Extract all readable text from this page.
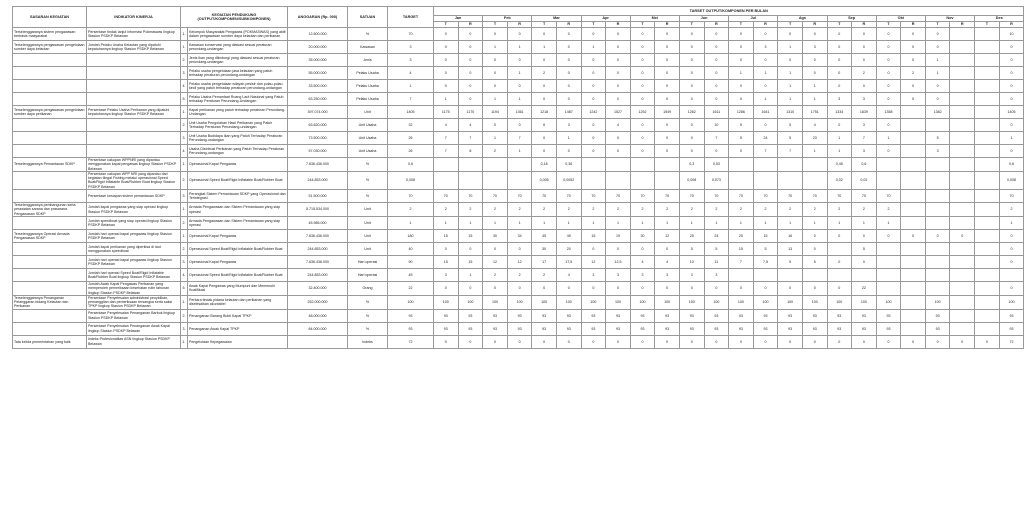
SASARAN KEGIATAN	INDIKATOR KINERJA	KEGIATAN PENDUKUNG (OUTPUT/KOMPONEN/SUBKOMPONEN)		ANGGARAN (Rp. 000)	SATUAN	TARGET	TARSET OUTPUT/KOMPONEN PER BULAN																							
							Jan		Feb		Mar		Apr		Mei		Jun		Jul		Ags		Sep		Okt		Nov		Des	
							T	R	T	R	T	R	T	R	T	R	T	R	T	R	T	R	T	R	T	R	T	R	T	R
Terselenggaranya sistem pengawasan berbasis masyarakat	Persentase tindak lanjut informasi Pokmaswas lingkup Stasiun PSDKP Belawan	1.	Kelompok Masyarakat Pengawas (POKMASWAS) yang aktif dalam pengawasan sumber daya kelautan dan perikanan	12.600.000	%	70	0	0	0	0	0	0	0	0	0	0	0	0	0	0	0	0	0	0	0	0	0			10
Terselenggaranya pengawasan pengelolaan sumber daya kelautan	Jumlah Pelaku Usaha Kelautan yang dipatuhi kepatuhannya lingkup Stasiun PSDKP Belawan	1.	Kawasan konservasi yang diawasi sesuai peraturan perundang-undangan	20.000.000	Kawasan	3	0	0	1	1	1	0	1	0	0	0	0	0	0	3	1	3	0	0	0	0	0			0
		2.	Jenis ikan yang dilindungi yang diawasi sesuai peraturan perundang-undangan	35.000.000	Jenis	3	0	0	0	0	0	0	0	0	0	0	0	0	0	0	0	0	0	0	0	0	1			0
		3.	Pelaku usaha pengelolaan jasa kelautan yang patuh terhadap peraturan perundang-undangan	55.000.000	Pelaku Usaha	4	0	0	0	1	2	0	0	0	0	0	0	0	1	1	1	0	0	2	0	2	1			0
		4.	Pelaku usaha pengelolaan wilayah pesisir dan pulau-pulau kecil yang patuh terhadap peraturan perundang-undangan	33.500.000	Pelaku Usaha	1	0	0	0	0	0	0	0	0	0	0	0	0	0	0	1	1	0	0	0	0	0			0
		5.	Pelaku Usaha Pemanfaat Ruang Laut Nasional yang Patuh terhadap Peraturan Perundang-Undangan	63.250.000	Pelaku Usaha	7	1	0	1	1	0	0	0	0	0	0	0	0	0	1	1	1	3	3	0	0	0			0
Terselenggaranya pengawasan pengelolaan sumber daya perikanan	Persentase Pelaku Usaha Perikanan yang dipatuhi kepatuhannya lingkup Stasiun PSDKP Belawan	1.	Kapal perikanan yang patuh terhadap peraturan Perundang-Undangan	397.074.000	Unit	1405	1175	1170	1194	1361	1218	1487	1242	1527	1252	1549	1262	1611	1286	1641	1310	1751	1334	1839	1358		1382			1405
		2.	Unit Usaha Pengolahan Hasil Perikanan yang Patuh Terhadap Peraturan Perundang-undangan	63.620.000	Unit Usaha	32	4	4	0	0	6	3	0	4	0	0	0	10	5	0	5	4	0	3	0					0
		3.	Unit Usaha Budidaya Ikan yang Patuh Terhadap Peraturan Perundang-undangan	73.500.000	Unit Usaha	26	7	7	1	7	0	1	0	0	0	0	0	7	5	24	5	23	1	7	1		5			1
		4.	Usaha Distribusi Perikanan yang Patuh Terhadap Peraturan Perundang-undangan	57.030.000	Unit Usaha	26	7	8	2	1	0	0	0	0	0	0	0	0	0	7	7	1	1	3	0		3			0
Terselenggaranya Pemantauan SDKP	Persentase cakupan WPPNRI yang dipantau menggunakan kapal pengawas lingkup Stasiun PSDKP Belawan	1.	Operasional Kapal Pengawas	7.636.436.000	%	0,6					0,18	0,36					0,3	0,53					0,45	0,6						0,6
	Persentase cakupan WPP NRI yang dipantau dari kegiatan Illegal Fishing melalui operasional Speed Boat/Rigid Inflatable Boat/Rubber Boat lingkup Stasiun PSDKP Belawan	2.	Operasional Speed Boat/Rigid Inflatable Boat/Rubber Boat	244.853.000	%	0,008					0,005	0,0052					0,008	0,073					0,02	0,02						0,008
	Persentase kesiapan sistem pemantauan SDKP	3.	Perangkat Sistem Pemantauan SDKP yang Operasional dan Terintegrasi	51.500.000	%	70	70	70	70	70	70	70	70	70	70	70	70	70	70	70	70	70	70	70	70					70
Terselenggaranya pembangunan serta perawatan sarana dan prasarana Pengawasan SDKP	Jumlah kapal pengawas yang siap operasi lingkup Stasiun PSDKP Belawan	1.	Armada Pengawasan dan Sistem Pemantauan yang siap operasi	5.715.534.000	Unit	2	2	2	2	2	2	2	2	2	2	2	2	2	2	2	2	2	2	2	2					2
	Jumlah speedboat yang siap operasi lingkup Stasiun PSDKP Belawan	2.	Armada Pengawasan dan Sistem Pemantauan yang siap operasi	45.985.000	Unit	1	1	1	1	1	1	1	1	1	1	1	1	1	1	1	1	1	1	1	1					1
Terselenggaranya Operasi Armada Pengawasan SDKP	Jumlah hari operasi kapal pengawas lingkup Stasiun PSDKP Belawan	1.	Operasional Kapal Pengawas	7.636.436.000	Unit	180	15	15	30	34	45	49	15	19	30	12	25	24	25	15	16	0	0	0	0	0	0	0		0
	Jumlah kapal perikanan yang diperiksa di laut menggunakan speedboat	2.	Operasional Speed Boat/Rigid Inflatable Boat/Rubber Boat	244.853.000	Unit	40	0	0	0	0	30	20	0	0	0	0	5	5	15	5	13	0		5						0
	Jumlah hari operasi kapal pengawas lingkup Stasiun PSDKP Belawan	3.	Operasional Kapal Pengawas	7.636.436.000	Hari operasi	90	15	15	12	12	17	17,5	12	12,5	4	4	10	11	7	7,5	5	5	0	0						0
	Jumlah hari operasi Speed Boat/Rigid Inflatable Boat/Rubber Boat lingkup Stasiun PSDKP Belawan	4.	Operasional Speed Boat/Rigid Inflatable Boat/Rubber Boat	244.853.000	Hari operasi	45	3	1	2	2	2	4	3	3	3	3	3	3												
	Jumlah Awak Kapal Pengawas Perikanan yang memperoleh pemeriksaan kesehatan rutin tahunan lingkup Stasiun PSDKP Belawan	5.	Awak Kapal Pengawas yang Mumpuni dan Memenuhi Kualifikasi	32.400.000	Orang	22	0	0	0	0	0	0	0	0	0	0	0	0	0	0	0	0	0	22						0
Terselenggaranya Penanganan Pelanggaran bidang Kelautan dan Perikanan	Persentase Penyelesaian administrasi penyidikan, pemanggilan dan pemeriksaan tersangka serta saksi TPKP lingkup Stasiun PSDKP Belawan	1.	Perkara tindak pidana kelautan dan perikanan yang diselesaikan akuntabel	252.000.000	%	100	100	100	100	100	100	100	100	100	100	100	100	100	100	100	100	100	100	100	100		100			100
	Persentase Penyelesaian Penanganan Barbuk lingkup Stasiun PSDKP Belawan	2.	Penanganan Barang Bukti Kapal TPKP	48.000.000	%	93	93	93	93	93	93	93	93	93	93	93	93	93	93	93	93	93	93	93	93		93			93
	Persentase Penyelesaian Penanganan Awak Kapal lingkup Stasiun PSDKP Belawan	3.	Penanganan Awak Kapal TPKP	84.000.000	%	93	93	93	93	93	93	93	93	93	93	93	93	93	93	93	93	93	93	93	93		93			93
Tata kelola pemerintahan yang baik	Indeks Profesionalitas ASN lingkup Stasiun PSDKP Belawan	1.	Pengelolaan Kepegawaian		Indeks	72	0	0	0	0	0	0	0	0	0	0	0	0	0	0	0	0	0	0	0	0	0	0	0	72
